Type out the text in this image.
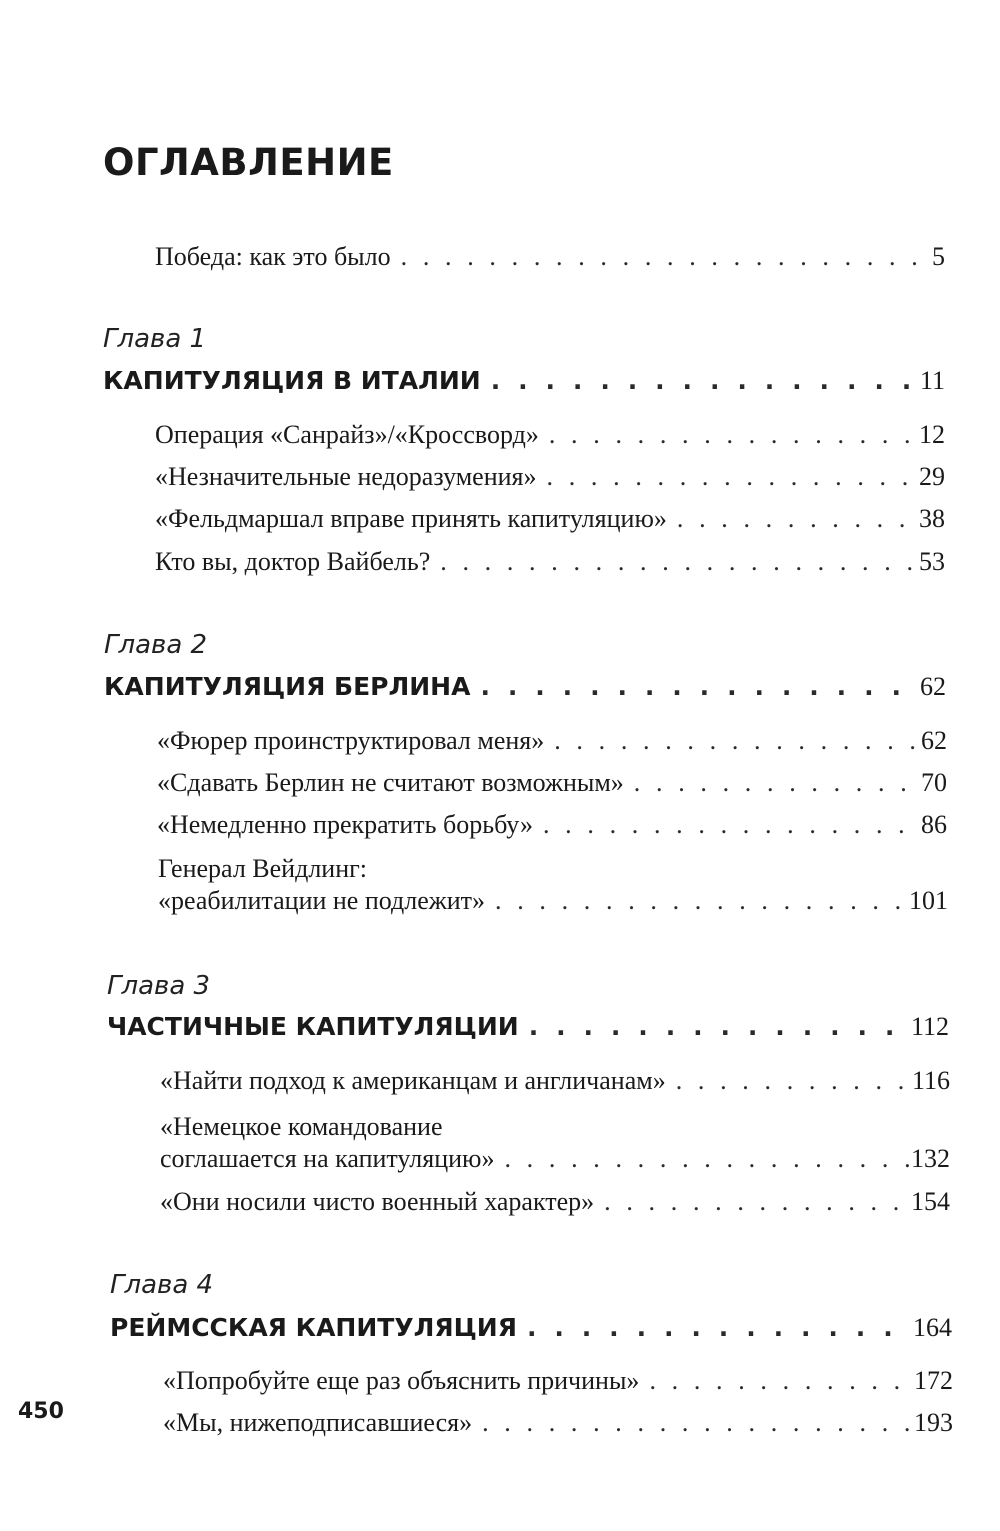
ОГЛАВЛЕНИЕ
Победа: как это было . . .	5
Глава 1
КАПИТУЛЯЦИЯ В ИТАЛИИ . . .	11
Операция «Санрайз»/«Кроссворд» . . .	12
«Незначительные недоразумения» . . .	29
«Фельдмаршал вправе принять капитуляцию» . . .	38
Кто вы, доктор Вайбель? . . .	53
Глава 2
КАПИТУЛЯЦИЯ БЕРЛИНА . . .	62
«Фюрер проинструктировал меня» . . .	62
«Сдавать Берлин не считают возможным» . . .	70
«Немедленно прекратить борьбу» . . .	86
Генерал Вейдлинг:
«реабилитации не подлежит» . . .	101
Глава 3
ЧАСТИЧНЫЕ КАПИТУЛЯЦИИ . . .	112
«Найти подход к американцам и англичанам» . . .	116
«Немецкое командование
соглашается на капитуляцию» . . .	132
«Они носили чисто военный характер» . . .	154
Глава 4
РЕЙМССКАЯ КАПИТУЛЯЦИЯ . . .	164
«Попробуйте еще раз объяснить причины» . . .	172
«Мы, нижеподписавшиеся» . . .	193
450
